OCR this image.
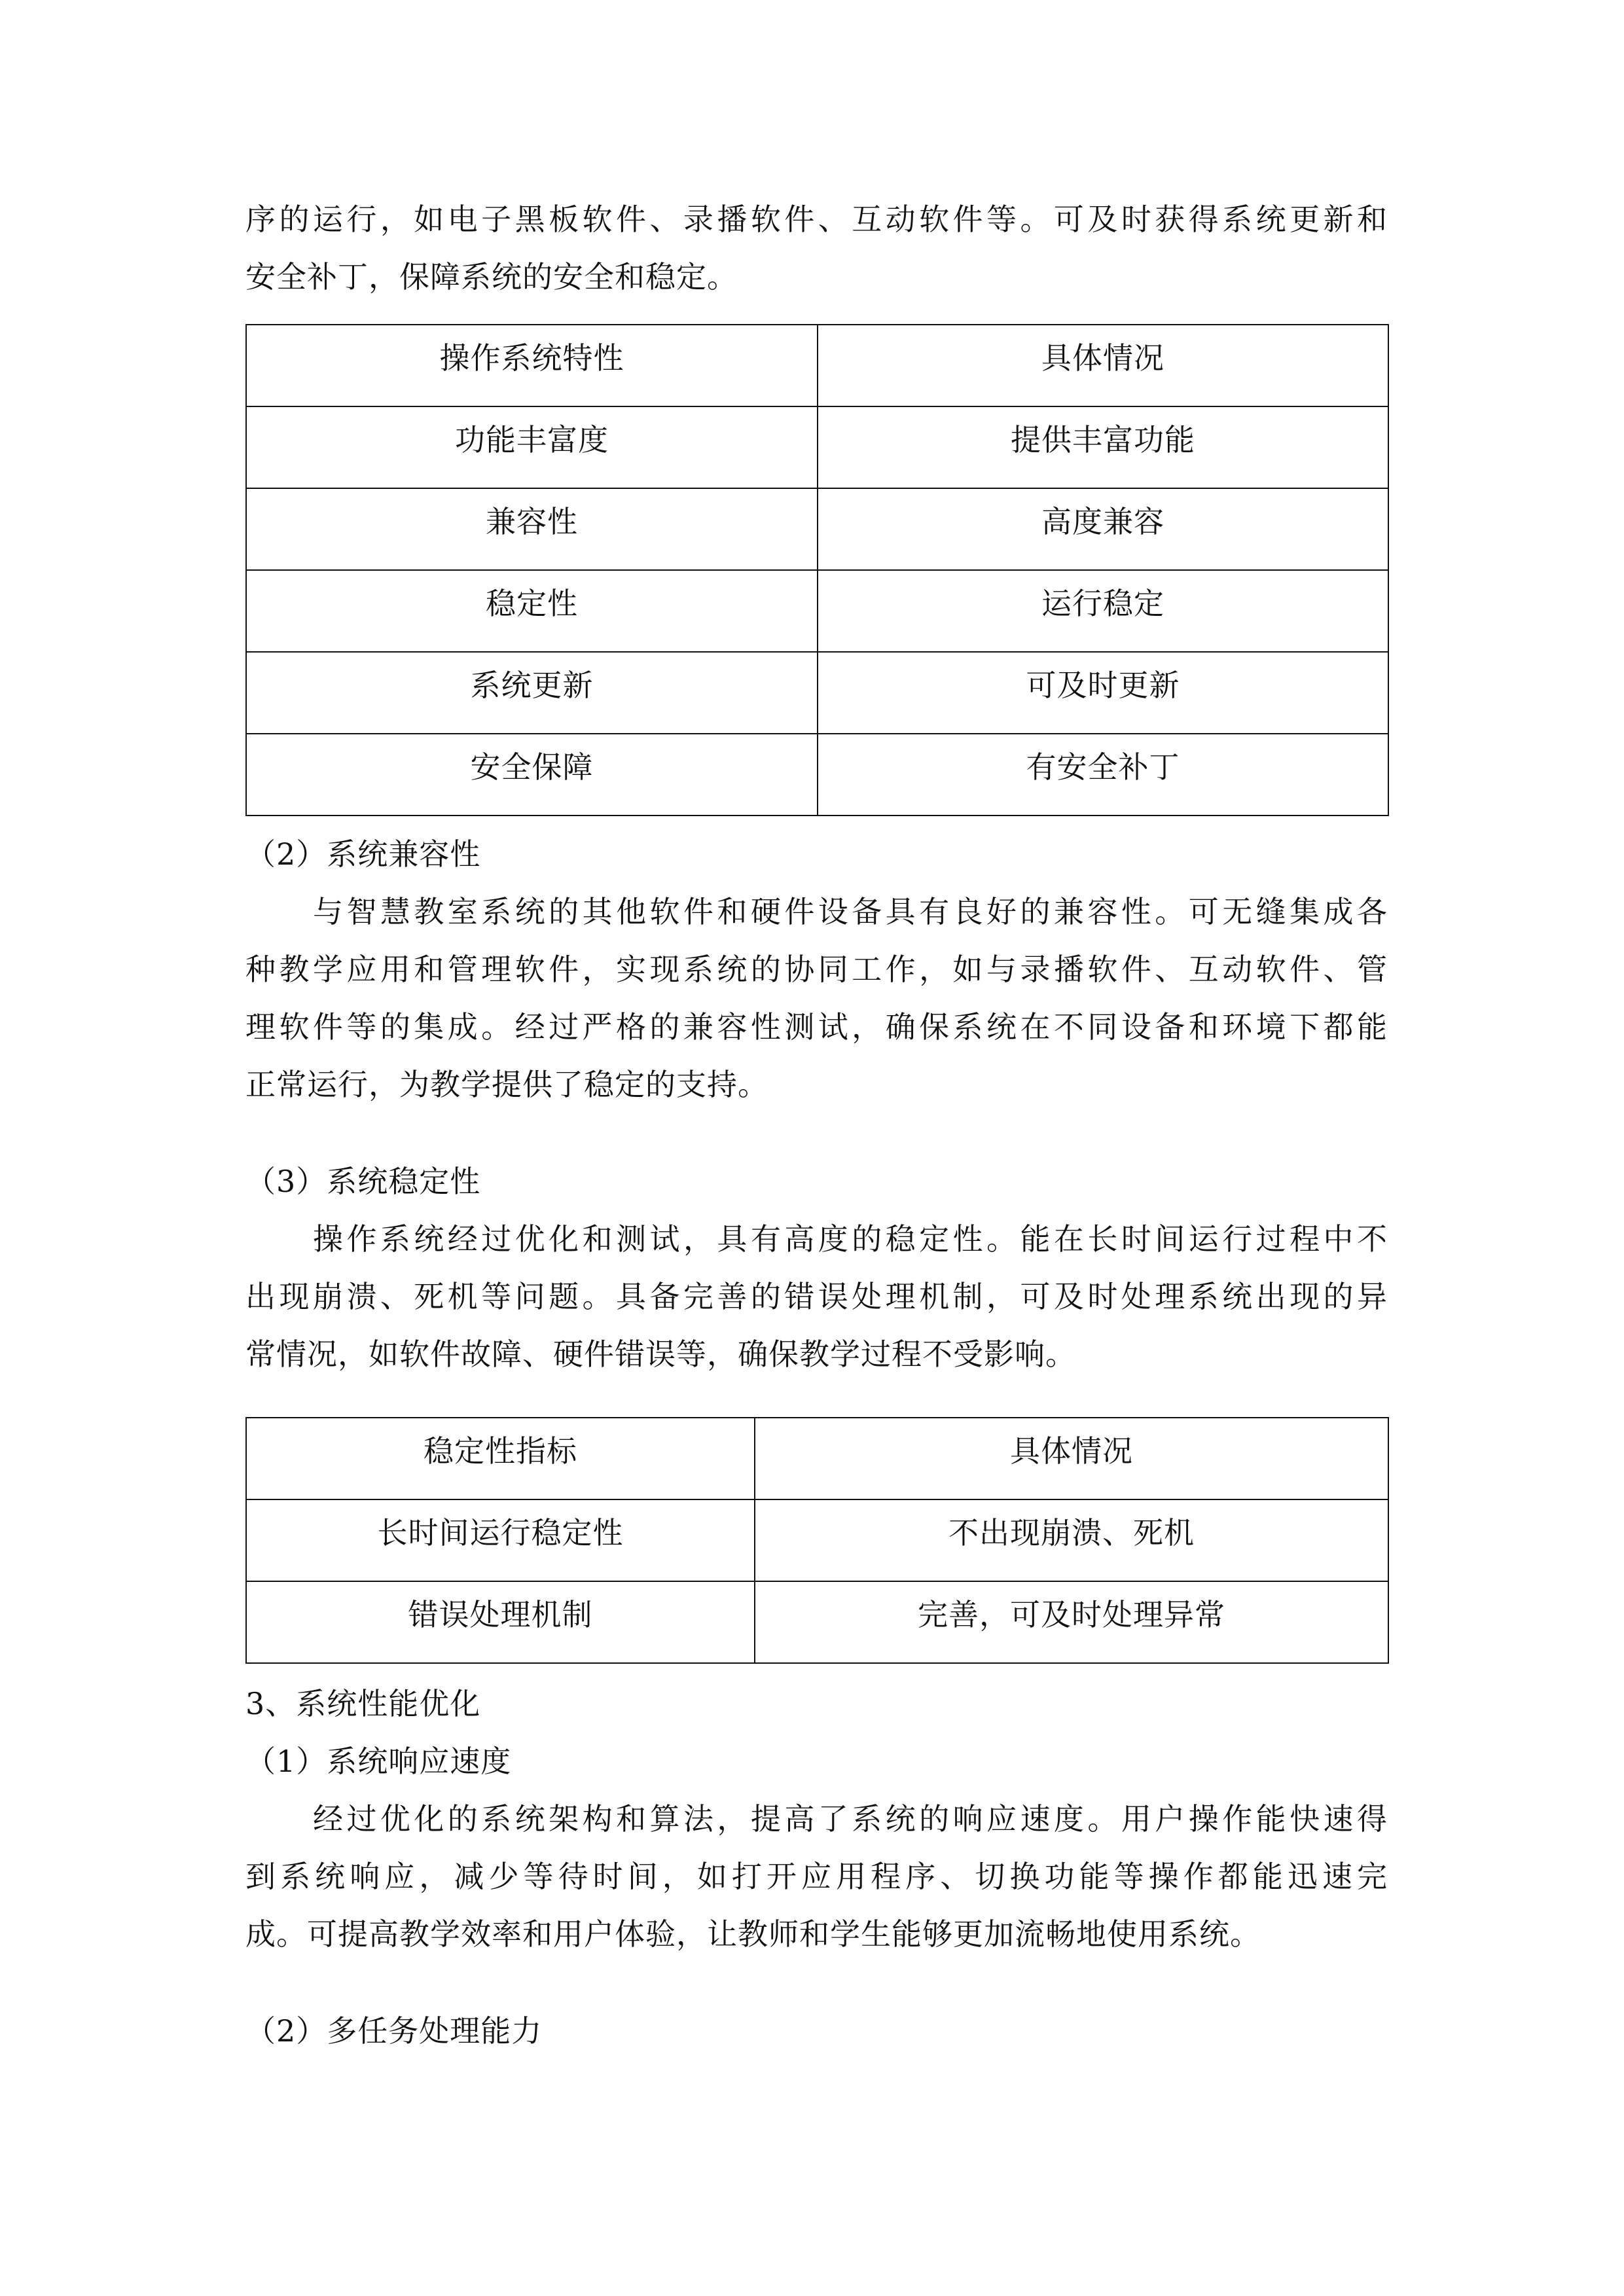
序的运行，如电子黑板软件、录播软件、互动软件等。可及时获得系统更新和
安全补丁，保障系统的安全和稳定。
操作系统特性	具体情况
功能丰富度	提供丰富功能
兼容性	高度兼容
稳定性	运行稳定
系统更新	可及时更新
安全保障	有安全补丁
（2）系统兼容性
与智慧教室系统的其他软件和硬件设备具有良好的兼容性。可无缝集成各
种教学应用和管理软件，实现系统的协同工作，如与录播软件、互动软件、管
理软件等的集成。经过严格的兼容性测试，确保系统在不同设备和环境下都能
正常运行，为教学提供了稳定的支持。
（3）系统稳定性
操作系统经过优化和测试，具有高度的稳定性。能在长时间运行过程中不
出现崩溃、死机等问题。具备完善的错误处理机制，可及时处理系统出现的异
常情况，如软件故障、硬件错误等，确保教学过程不受影响。
稳定性指标	具体情况
长时间运行稳定性	不出现崩溃、死机
错误处理机制	完善，可及时处理异常
3、系统性能优化
（1）系统响应速度
经过优化的系统架构和算法，提高了系统的响应速度。用户操作能快速得
到系统响应，减少等待时间，如打开应用程序、切换功能等操作都能迅速完
成。可提高教学效率和用户体验，让教师和学生能够更加流畅地使用系统。
（2）多任务处理能力
